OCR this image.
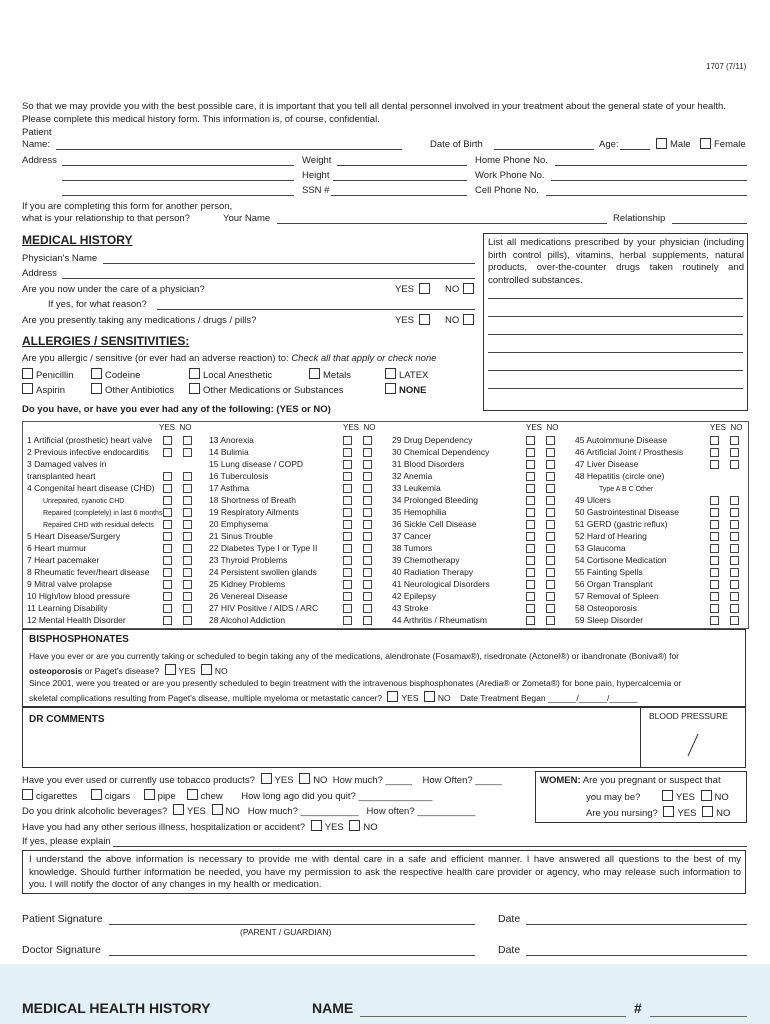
1707 (7/11)
So that we may provide you with the best possible care, it is important that you tell all dental personnel involved in your treatment about the general state of your health. Please complete this medical history form. This information is, of course, confidential.
Patient
Name:	Date of Birth	Age:	Male Female
Address	Weight
Height
SSN #
Home Phone No.
Work Phone No.
Cell Phone No.
If you are completing this form for another person,
what is your relationship to that person?	Your Name	Relationship
MEDICAL HISTORY
Physician's Name
Address
Are you now under the care of a physician?	YES	NO
If yes, for what reason?
Are you presently taking any medications / drugs / pills?	YES	NO
List all medications prescribed by your physician (including birth control pills), vitamins, herbal supplements, natural products, over-the-counter drugs taken routinely and controlled substances.
ALLERGIES / SENSITIVITIES:
Are you allergic / sensitive (or ever had an adverse reaction) to: Check all that apply or check none
Penicillin	Codeine	Local Anesthetic	Metals	LATEX
Aspirin	Other Antibiotics	Other Medications or Substances	NONE
Do you have, or have you ever had any of the following: (YES or NO)
YES  NO	YES  NO	YES  NO	YES  NO
1 Artificial (prosthetic) heart valve
2 Previous infective endocarditis
3 Damaged valves in
transplanted heart
4 Congenital heart disease (CHD)
Unrepaired, cyanotic CHD
Repaired (completely) in last 6 months
Repaired CHD with residual defects
5 Heart Disease/Surgery
6 Heart murmur
7 Heart pacemaker
8 Rheumatic fever/heart disease
9 Mitral valve prolapse
10 High/low blood pressure
11 Learning Disability
12 Mental Health Disorder
13 Anorexia
14 Bulimia
15 Lung disease / COPD
16 Tuberculosis
17 Asthma
18 Shortness of Breath
19 Respiratory Ailments
20 Emphysema
21 Sinus Trouble
22 Diabetes Type I or Type II
23 Thyroid Problems
24 Persistent swollen glands
25 Kidney Problems
26 Venereal Disease
27 HIV Positive / AIDS / ARC
28 Alcohol Addiction
29 Drug Dependency
30 Chemical Dependency
31 Blood Disorders
32 Anemia
33 Leukemia
34 Prolonged Bleeding
35 Hemophilia
36 Sickle Cell Disease
37 Cancer
38 Tumors
39 Chemotherapy
40 Radiation Therapy
41 Neurological Disorders
42 Epilepsy
43 Stroke
44 Arthritis / Rheumatism
45 Autoimmune Disease
46 Artificial Joint / Prosthesis
47 Liver Disease
48 Hepatitis (circle one)
Type A B C Other
49 Ulcers
50 Gastrointestinal Disease
51 GERD (gastric reflux)
52 Hard of Hearing
53 Glaucoma
54 Cortisone Medication
55 Fainting Spells
56 Organ Transplant
57 Removal of Spleen
58 Osteoporosis
59 Sleep Disorder
BISPHOSPHONATES
Have you ever or are you currently taking or scheduled to begin taking any of the medications, alendronate (Fosamax®), risedronate (Actonel®) or ibandronate (Boniva®) for
osteoporosis or Paget's disease? YES NO
Since 2001, were you treated or are you presently scheduled to begin treatment with the intravenous bisphosphonates (Aredia® or Zometa®) for bone pain, hypercalcemia or
skeletal complications resulting from Paget's disease, multiple myeloma or metastatic cancer? YES NO Date Treatment Began ______/______/______
DR COMMENTS	BLOOD PRESSURE
Have you ever used or currently use tobacco products? YES NO How much? _____ How Often? _____
cigarettes	cigars	pipe	chew How long ago did you quit? ______________
Do you drink alcoholic beverages? YES NO How much? ___________ How often? ___________
Have you had any other serious illness, hospitalization or accident? YES NO
If yes, please explain
WOMEN: Are you pregnant or suspect that
you may be?	YES NO
Are you nursing? YES NO
I understand the above information is necessary to provide me with dental care in a safe and efficient manner. I have answered all questions to the best of my knowledge. Should further information be needed, you have my permission to ask the respective health care provider or agency, who may release such information to you. I will notify the doctor of any changes in my health or medication.
Patient Signature
(PARENT / GUARDIAN)
Date
Doctor Signature	Date
MEDICAL HEALTH HISTORY	NAME	#
